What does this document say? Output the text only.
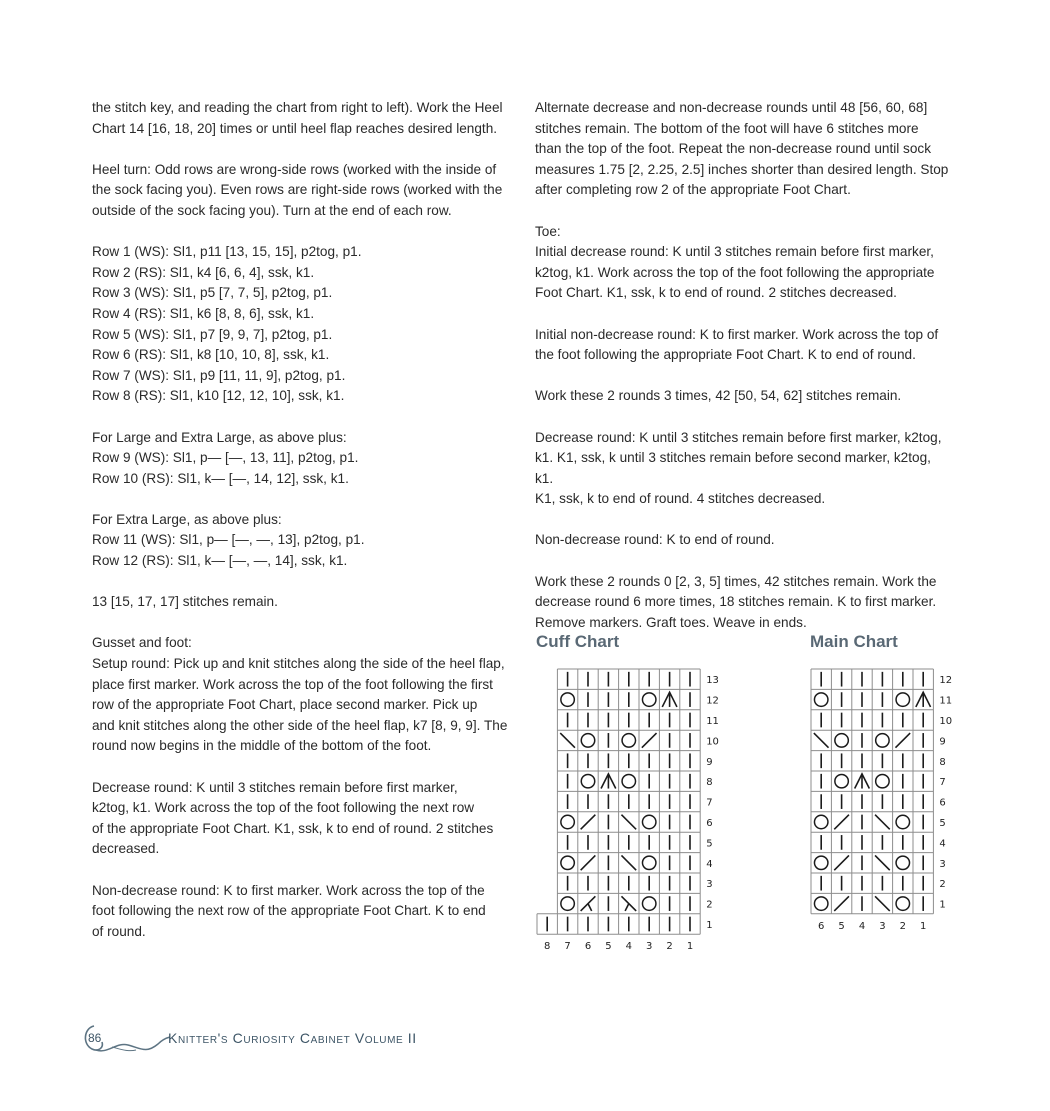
the stitch key, and reading the chart from right to left). Work the Heel
Chart 14 [16, 18, 20] times or until heel flap reaches desired length.

Heel turn: Odd rows are wrong-side rows (worked with the inside of
the sock facing you). Even rows are right-side rows (worked with the
outside of the sock facing you). Turn at the end of each row.

Row 1 (WS): Sl1, p11 [13, 15, 15], p2tog, p1.
Row 2 (RS): Sl1, k4 [6, 6, 4], ssk, k1.
Row 3 (WS): Sl1, p5 [7, 7, 5], p2tog, p1.
Row 4 (RS): Sl1, k6 [8, 8, 6], ssk, k1.
Row 5 (WS): Sl1, p7 [9, 9, 7], p2tog, p1.
Row 6 (RS): Sl1, k8 [10, 10, 8], ssk, k1.
Row 7 (WS): Sl1, p9 [11, 11, 9], p2tog, p1.
Row 8 (RS): Sl1, k10 [12, 12, 10], ssk, k1.

For Large and Extra Large, as above plus:
Row 9 (WS): Sl1, p— [—, 13, 11], p2tog, p1.
Row 10 (RS): Sl1, k— [—, 14, 12], ssk, k1.

For Extra Large, as above plus:
Row 11 (WS): Sl1, p— [—, —, 13], p2tog, p1.
Row 12 (RS): Sl1, k— [—, —, 14], ssk, k1.

13 [15, 17, 17] stitches remain.

Gusset and foot:
Setup round: Pick up and knit stitches along the side of the heel flap,
place first marker. Work across the top of the foot following the first
row of the appropriate Foot Chart, place second marker. Pick up
and knit stitches along the other side of the heel flap, k7 [8, 9, 9]. The
round now begins in the middle of the bottom of the foot.

Decrease round: K until 3 stitches remain before first marker,
k2tog, k1. Work across the top of the foot following the next row
of the appropriate Foot Chart. K1, ssk, k to end of round. 2 stitches
decreased.

Non-decrease round: K to first marker. Work across the top of the
foot following the next row of the appropriate Foot Chart. K to end
of round.

Alternate decrease and non-decrease rounds until 48 [56, 60, 68]
stitches remain. The bottom of the foot will have 6 stitches more
than the top of the foot. Repeat the non-decrease round until sock
measures 1.75 [2, 2.25, 2.5] inches shorter than desired length. Stop
after completing row 2 of the appropriate Foot Chart.

Toe:
Initial decrease round: K until 3 stitches remain before first marker,
k2tog, k1. Work across the top of the foot following the appropriate
Foot Chart. K1, ssk, k to end of round. 2 stitches decreased.

Initial non-decrease round: K to first marker. Work across the top of
the foot following the appropriate Foot Chart. K to end of round.

Work these 2 rounds 3 times, 42 [50, 54, 62] stitches remain.

Decrease round: K until 3 stitches remain before first marker, k2tog,
k1. K1, ssk, k until 3 stitches remain before second marker, k2tog, k1.
K1, ssk, k to end of round. 4 stitches decreased.

Non-decrease round: K to end of round.

Work these 2 rounds 0 [2, 3, 5] times, 42 stitches remain. Work the
decrease round 6 more times, 18 stitches remain. K to first marker.
Remove markers. Graft toes. Weave in ends.

Cuff Chart	Main Chart
13
12
11
10
9
8
7
6
5
4
3
2
1
8 7 6 5 4 3 2 1
12
11
10
9
8
7
6
5
4
3
2
1
6 5 4 3 2 1
86	Knitter's Curiosity Cabinet Volume II
